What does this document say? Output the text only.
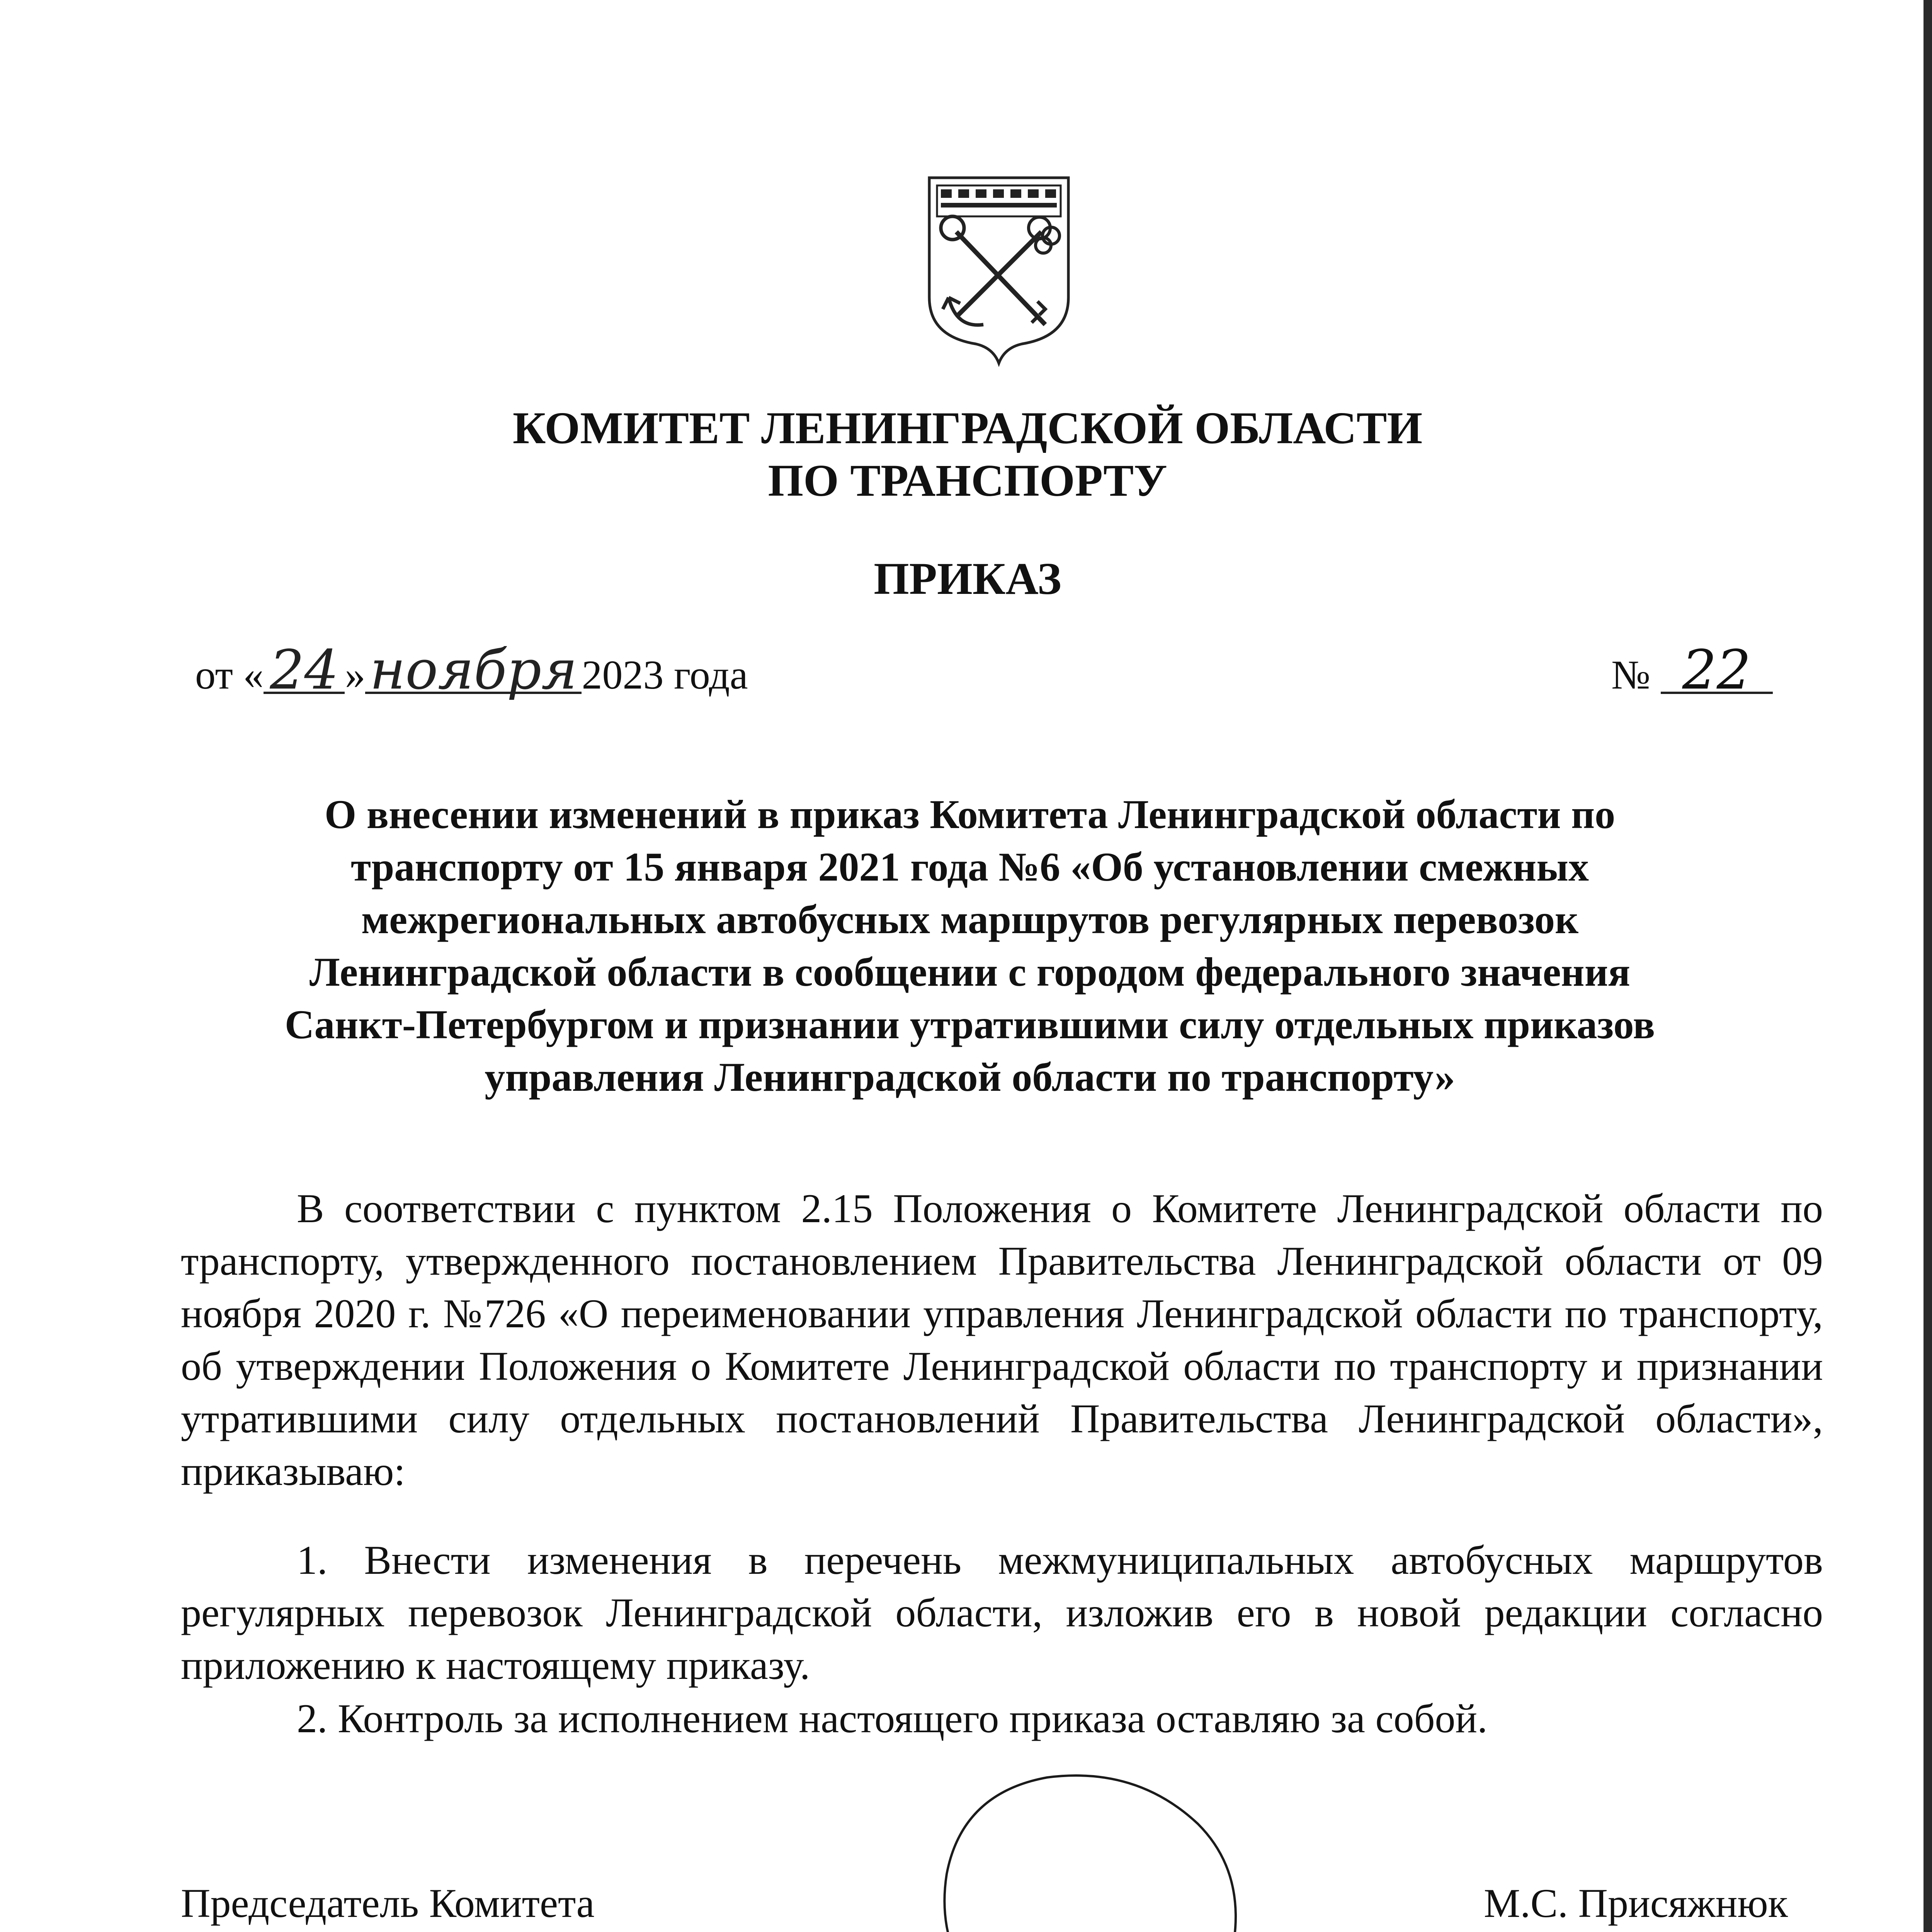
КОМИТЕТ ЛЕНИНГРАДСКОЙ ОБЛАСТИ
ПО ТРАНСПОРТУ
ПРИКАЗ
от « 24 »ноября 2023 года	№ 22
О внесении изменений в приказ Комитета Ленинградской области по
транспорту от 15 января 2021 года №6 «Об установлении смежных
межрегиональных автобусных маршрутов регулярных перевозок
Ленинградской области в сообщении с городом федерального значения
Санкт-Петербургом и признании утратившими силу отдельных приказов
управления Ленинградской области по транспорту»
В соответствии с пунктом 2.15 Положения о Комитете Ленинградской области по транспорту, утвержденного постановлением Правительства Ленинградской области от 09 ноября 2020 г. №726 «О переименовании управления Ленинградской области по транспорту, об утверждении Положения о Комитете Ленинградской области по транспорту и признании утратившими силу отдельных постановлений Правительства Ленинградской области», приказываю:
1. Внести изменения в перечень межмуниципальных автобусных маршрутов регулярных перевозок Ленинградской области, изложив его в новой редакции согласно приложению к настоящему приказу.
2. Контроль за исполнением настоящего приказа оставляю за собой.
Председатель Комитета	М.С. Присяжнюк
